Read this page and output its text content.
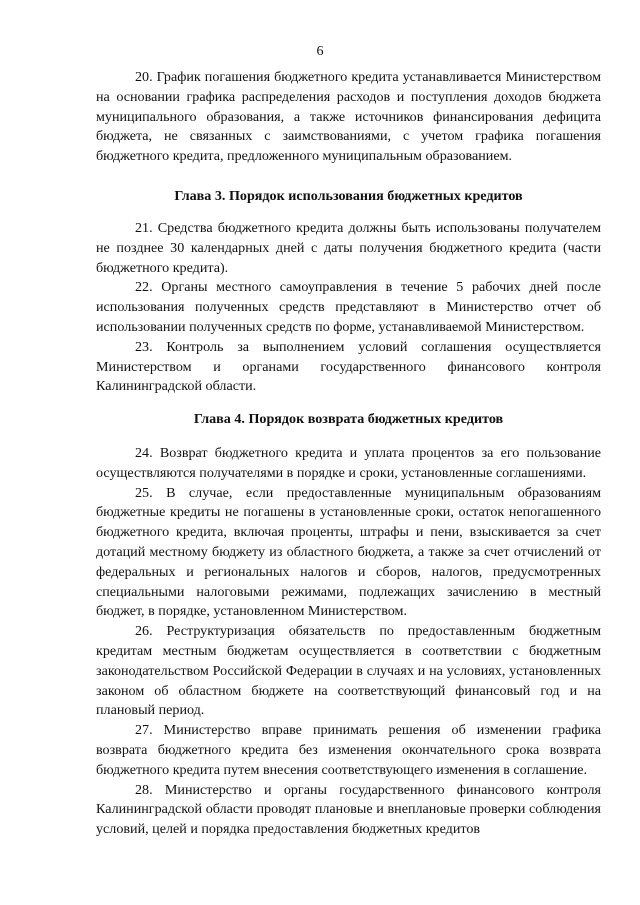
6

20. График погашения бюджетного кредита устанавливается Министерством на основании графика распределения расходов и поступления доходов бюджета муниципального образования, а также источников финансирования дефицита бюджета, не связанных с заимствованиями, с учетом графика погашения бюджетного кредита, предложенного муниципальным образованием.

Глава 3. Порядок использования бюджетных кредитов

21. Средства бюджетного кредита должны быть использованы получателем не позднее 30 календарных дней с даты получения бюджетного кредита (части бюджетного кредита).

22. Органы местного самоуправления в течение 5 рабочих дней после использования полученных средств представляют в Министерство отчет об использовании полученных средств по форме, устанавливаемой Министерством.

23. Контроль за выполнением условий соглашения осуществляется Министерством и органами государственного финансового контроля Калининградской области.

Глава 4. Порядок возврата бюджетных кредитов

24. Возврат бюджетного кредита и уплата процентов за его пользование осуществляются получателями в порядке и сроки, установленные соглашениями.

25. В случае, если предоставленные муниципальным образованиям бюджетные кредиты не погашены в установленные сроки, остаток непогашенного бюджетного кредита, включая проценты, штрафы и пени, взыскивается за счет дотаций местному бюджету из областного бюджета, а также за счет отчислений от федеральных и региональных налогов и сборов, налогов, предусмотренных специальными налоговыми режимами, подлежащих зачислению в местный бюджет, в порядке, установленном Министерством.

26. Реструктуризация обязательств по предоставленным бюджетным кредитам местным бюджетам осуществляется в соответствии с бюджетным законодательством Российской Федерации в случаях и на условиях, установленных законом об областном бюджете на соответствующий финансовый год и на плановый период.

27. Министерство вправе принимать решения об изменении графика возврата бюджетного кредита без изменения окончательного срока возврата бюджетного кредита путем внесения соответствующего изменения в соглашение.

28. Министерство и органы государственного финансового контроля Калининградской области проводят плановые и внеплановые проверки соблюдения условий, целей и порядка предоставления бюджетных кредитов
